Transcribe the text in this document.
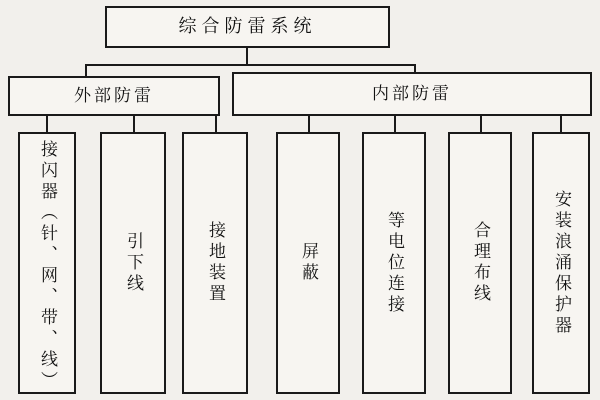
综合防雷系统
外部防雷	内部防雷
接闪器（针、网、带、线）	引下线	接地装置	屏蔽	等电位连接	合理布线	安装浪涌保护器
